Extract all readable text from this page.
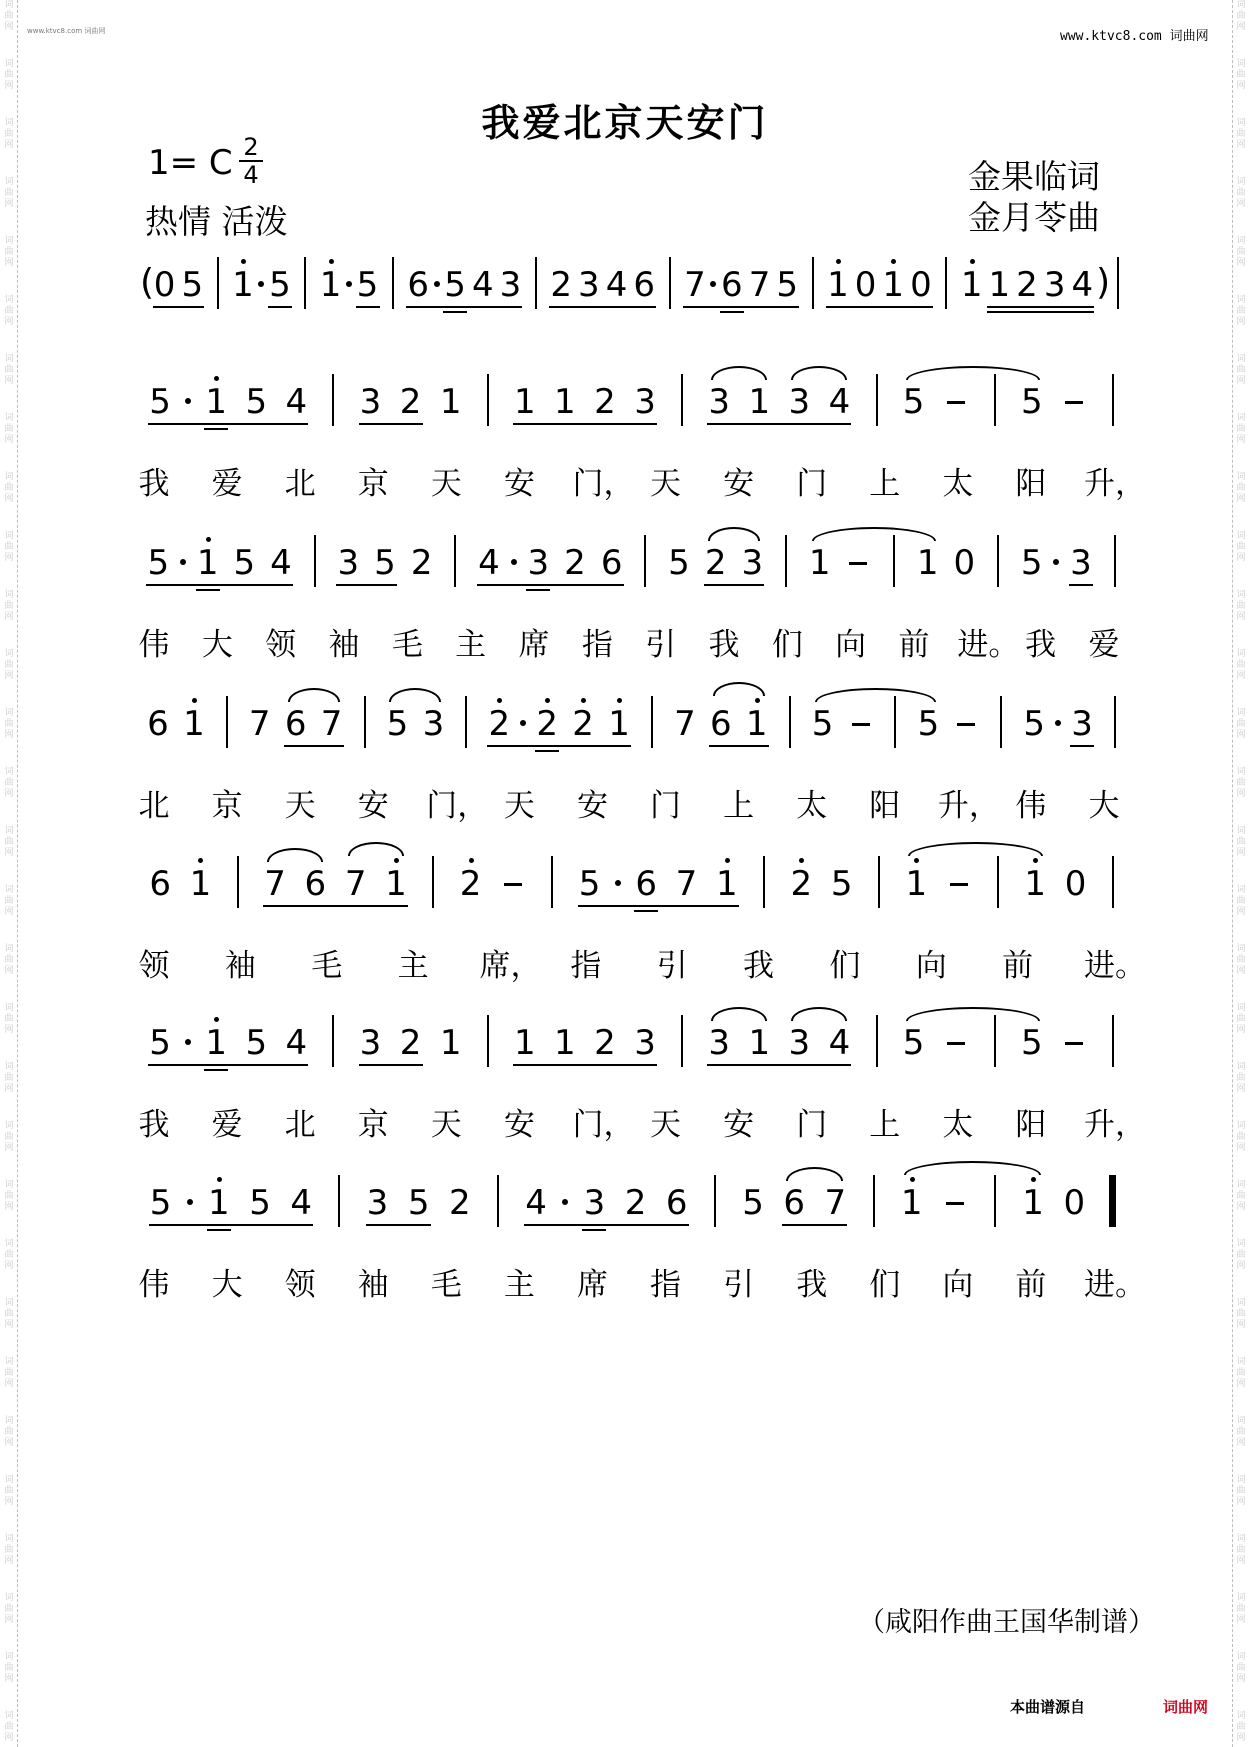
词
曲
网
词
曲
网
词
曲
网
词
曲
网
词
曲
网
词
曲
网
词
曲
网
词
曲
网
词
曲
网
词
曲
网
词
曲
网
词
曲
网
词
曲
网
词
曲
网
词
曲
网
词
曲
网
词
曲
网
词
曲
网
词
曲
网
词
曲
网
词
曲
网
词
曲
网
词
曲
网
词
曲
网
词
曲
网
词
曲
网
词
曲
网
词
曲
网
词
曲
网
词
曲
网
词
曲
网
词
曲
网
词
曲
网
词
曲
网
词
曲
网
词
曲
网
词
曲
网
词
曲
网
词
曲
网
词
曲
网
词
曲
网
词
曲
网
词
曲
网
词
曲
网
词
曲
网
词
曲
网
词
曲
网
词
曲
网
词
曲
网
词
曲
网
词
曲
网
词
曲
网
词
曲
网
词
曲
网
词
曲
网
词
曲
网
词
曲
网
词
曲
网
词
曲
网
词
曲
网
www.ktvc8.com 词曲网	www.ktvc8.com 词曲网
我爱北京天安门
1= C 2
4
热情 活泼
金果临词
金月苓曲
( 0 5 1 5 1 5 6 5 4 3 2 3 4 6 7 6 7 5 1 0 1 0 1 1 2 3 4 )
5 1 5 4 3 2 1 1 1 2 3 3 1 3 4 5	5
我 爱 北 京 天 安 门， 天 安 门 上 太 阳 升，
5 1 5 4 3 5 2 4 3 2 6 5 2 3 1	1 0 5 3
伟 大 领 袖 毛 主 席 指 引 我 们 向 前 进。 我 爱
6 1 7 6 7 5 3 2 2 2 1 7 6 1 5 5 5 3
北 京 天 安 门， 天 安 门 上 太 阳 升， 伟 大
6 1 7 6 7 1 2	5 6 7 1 2 5 1	1 0
领 袖 毛 主 席， 指 引 我 们 向 前 进。
5 1 5 4 3 2 1 1 1 2 3 3 1 3 4 5	5
我 爱 北 京 天 安 门， 天 安 门 上 太 阳 升，
5 1 5 4 3 5 2 4 3 2 6 5 6 7 1	1 0
伟 大 领 袖 毛 主 席 指 引 我 们 向 前 进。
（咸阳作曲王国华制谱）
本曲谱源自	词曲网
